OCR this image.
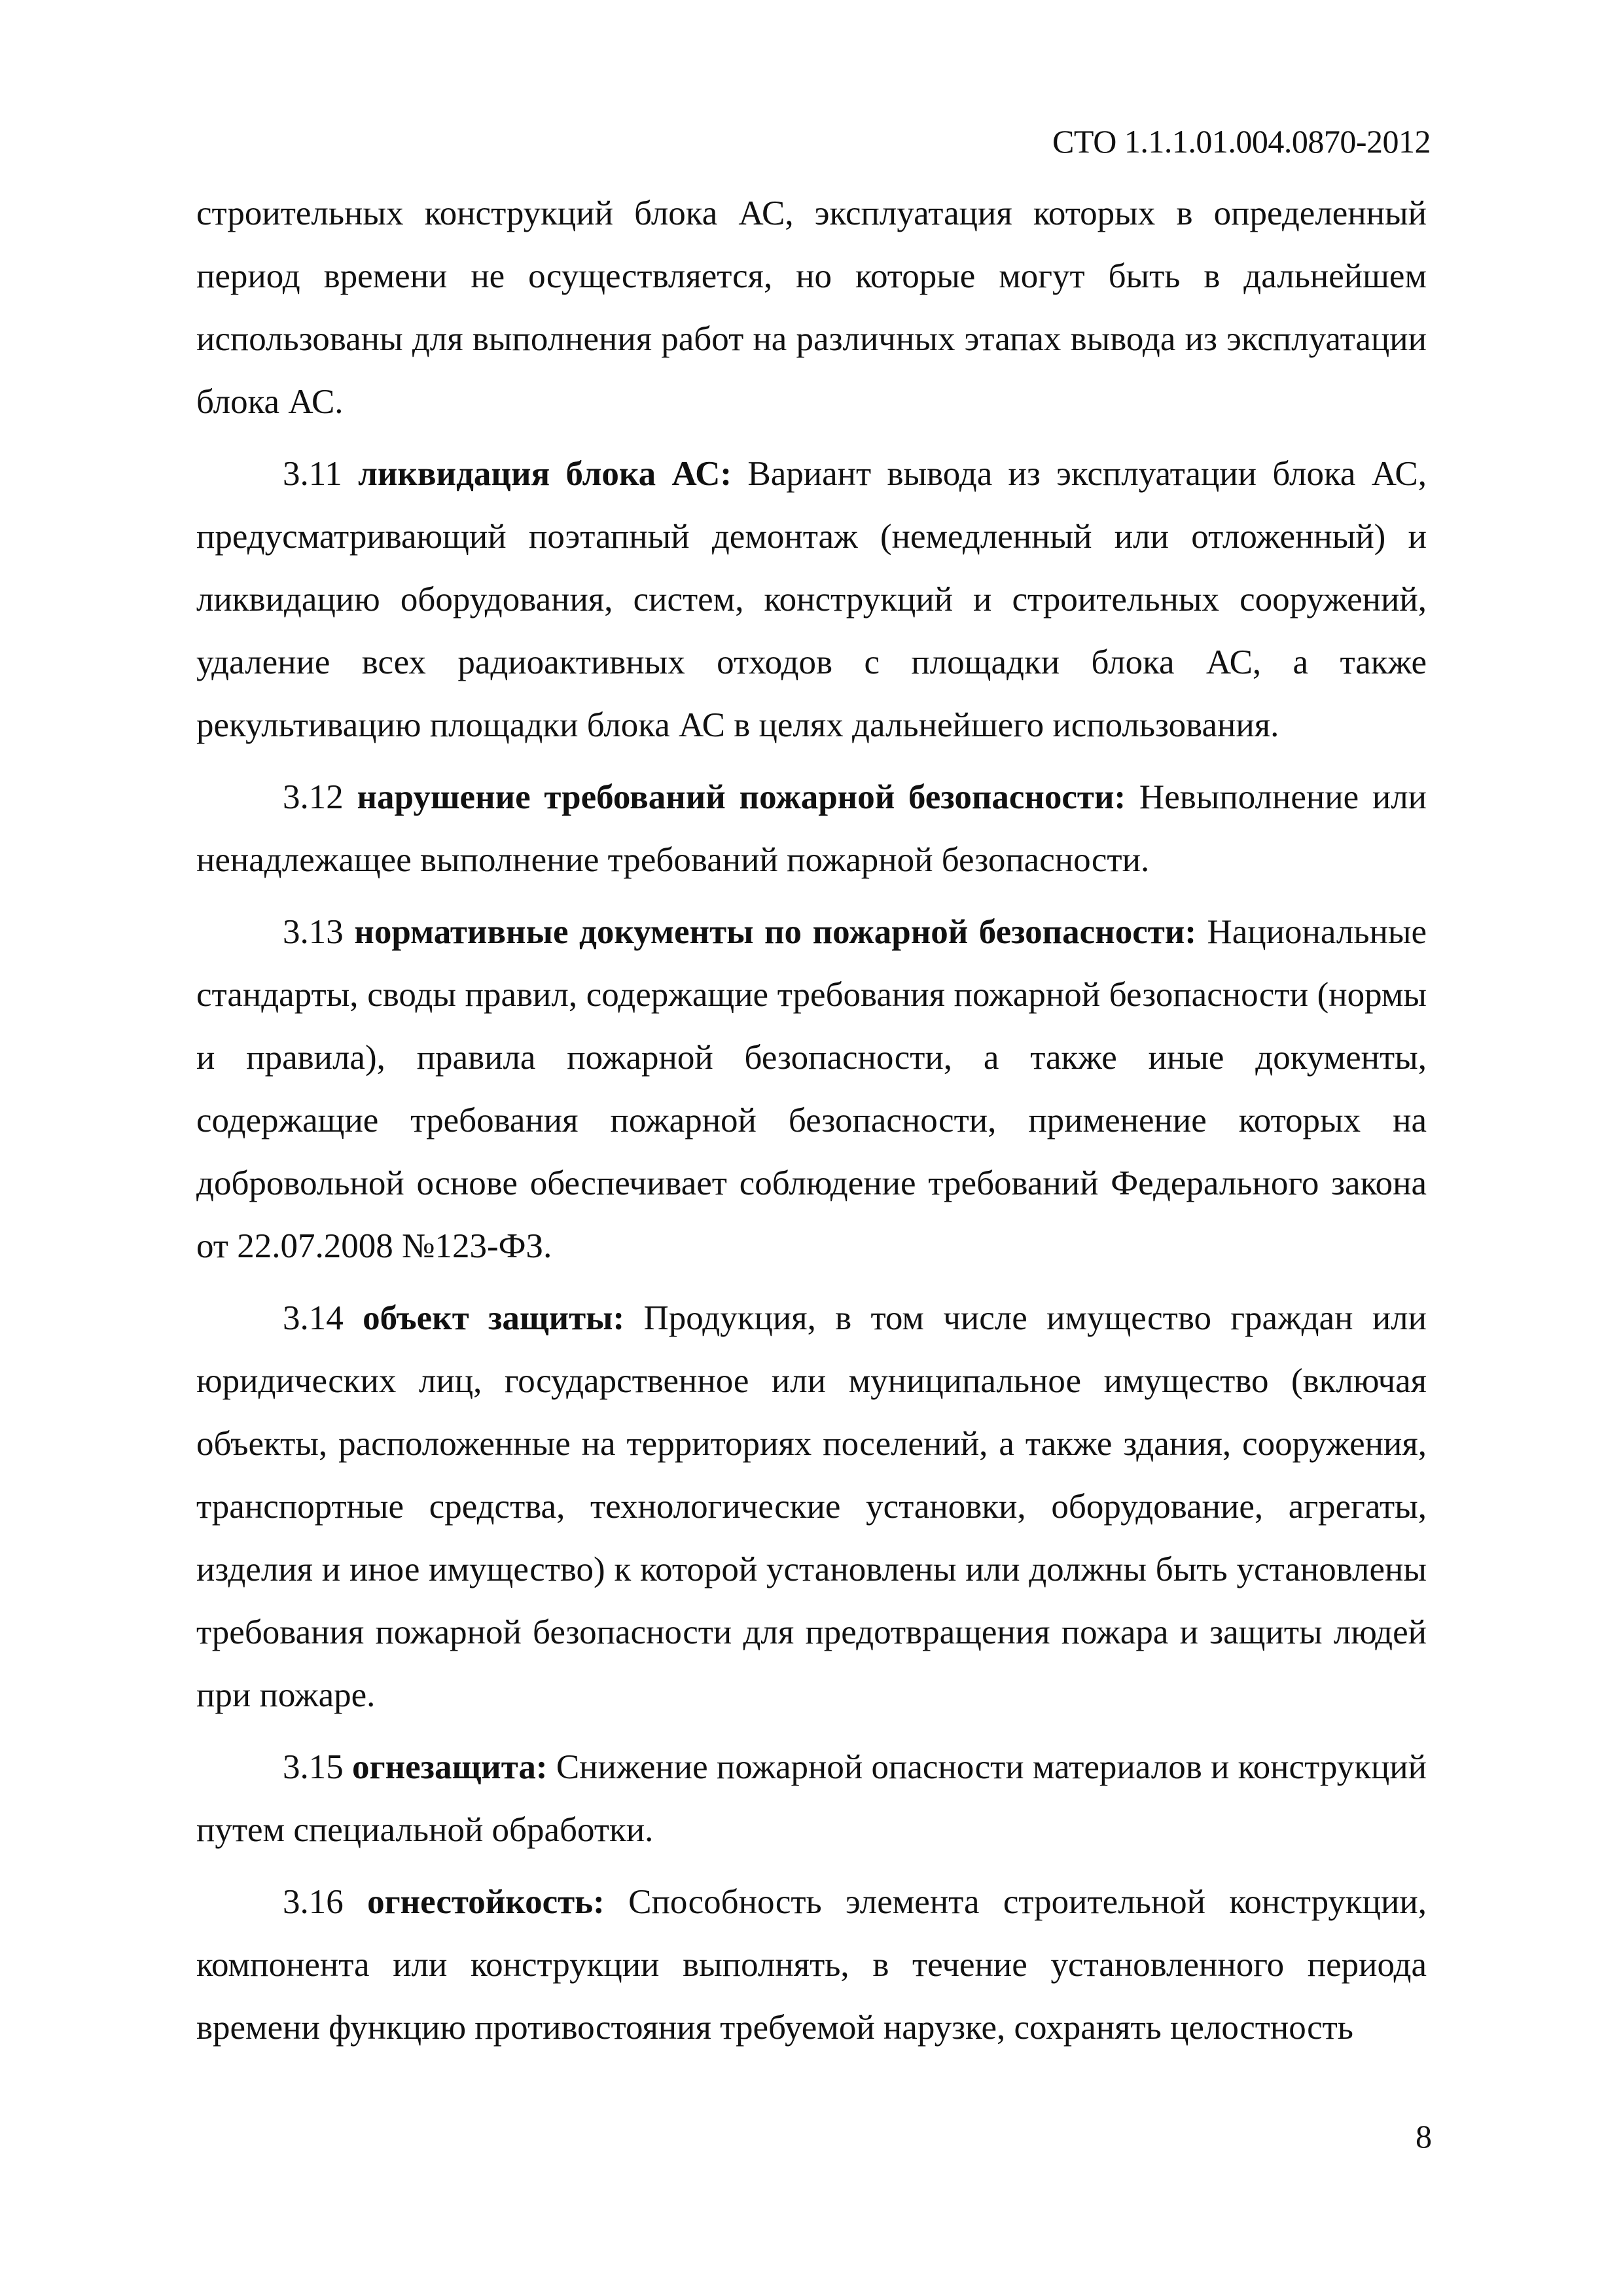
СТО 1.1.1.01.004.0870-2012

строительных конструкций блока АС, эксплуатация которых в определенный период времени не осуществляется, но которые могут быть в дальнейшем использованы для выполнения работ на различных этапах вывода из эксплуатации блока АС.

3.11 ликвидация блока АС: Вариант вывода из эксплуатации блока АС, предусматривающий поэтапный демонтаж (немедленный или отложенный) и ликвидацию оборудования, систем, конструкций и строительных сооружений, удаление всех радиоактивных отходов с площадки блока АС, а также рекультивацию площадки блока АС в целях дальнейшего использования.

3.12 нарушение требований пожарной безопасности: Невыполнение или ненадлежащее выполнение требований пожарной безопасности.

3.13 нормативные документы по пожарной безопасности: Национальные стандарты, своды правил, содержащие требования пожарной безопасности (нормы и правила), правила пожарной безопасности, а также иные документы, содержащие требования пожарной безопасности, применение которых на добровольной основе обеспечивает соблюдение требований Федерального закона от 22.07.2008 №123-ФЗ.

3.14 объект защиты: Продукция, в том числе имущество граждан или юридических лиц, государственное или муниципальное имущество (включая объекты, расположенные на территориях поселений, а также здания, сооружения, транспортные средства, технологические установки, оборудование, агрегаты, изделия и иное имущество) к которой установлены или должны быть установлены требования пожарной безопасности для предотвращения пожара и защиты людей при пожаре.

3.15 огнезащита: Снижение пожарной опасности материалов и конструкций путем специальной обработки.

3.16 огнестойкость: Способность элемента строительной конструкции, компонента или конструкции выполнять, в течение установленного периода времени функцию противостояния требуемой нарузке, сохранять целостность

8
